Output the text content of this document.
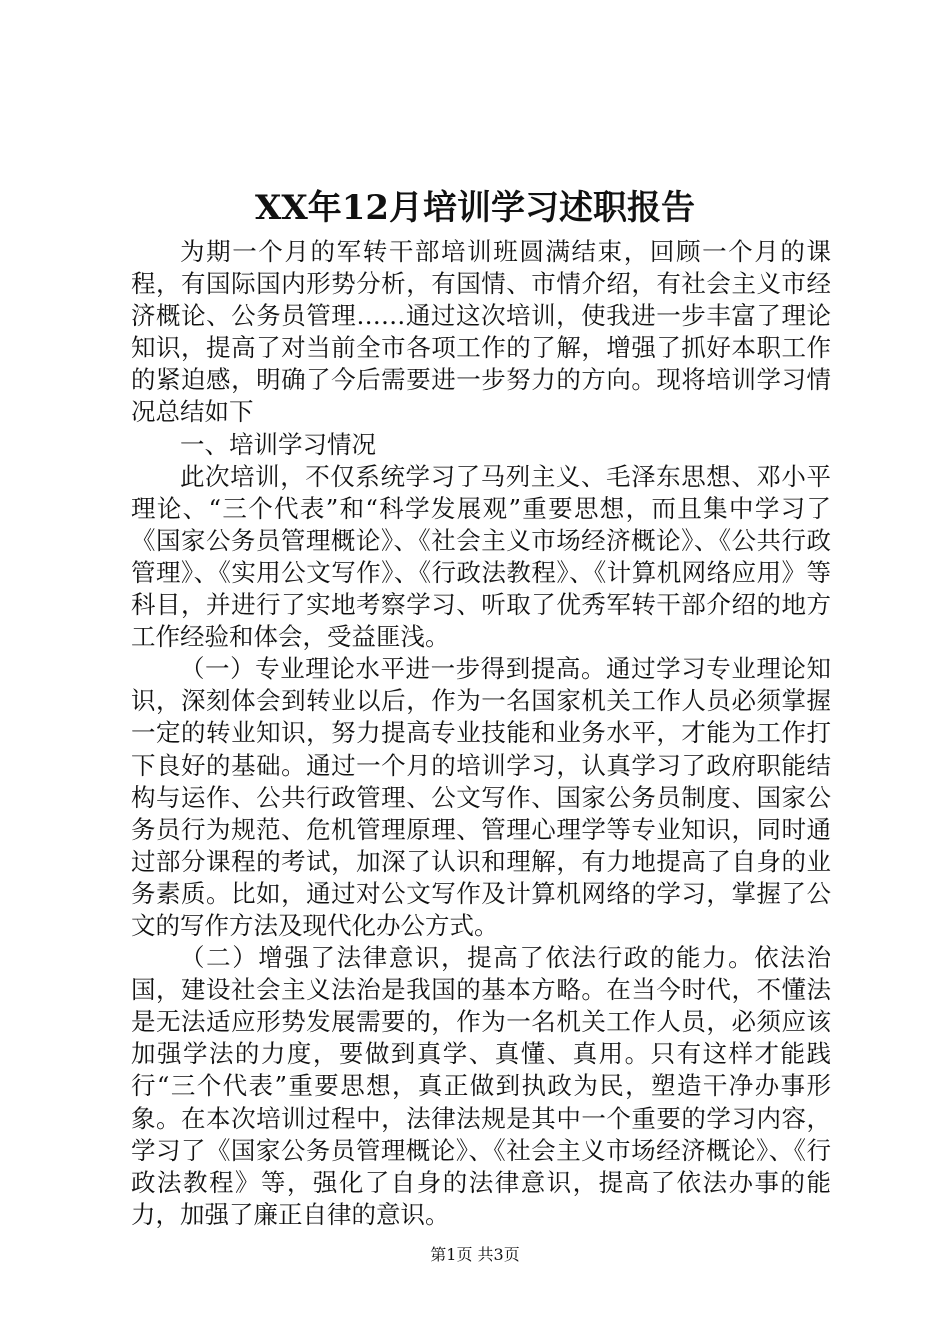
XX年12月培训学习述职报告

为期一个月的军转干部培训班圆满结束，回顾一个月的课程，有国际国内形势分析，有国情、市情介绍，有社会主义市经济概论、公务员管理……通过这次培训，使我进一步丰富了理论知识，提高了对当前全市各项工作的了解，增强了抓好本职工作的紧迫感，明确了今后需要进一步努力的方向。现将培训学习情况总结如下

一、培训学习情况

此次培训，不仅系统学习了马列主义、毛泽东思想、邓小平理论、“三个代表”和“科学发展观”重要思想，而且集中学习了《国家公务员管理概论》、《社会主义市场经济概论》、《公共行政管理》、《实用公文写作》、《行政法教程》、《计算机网络应用》等科目，并进行了实地考察学习、听取了优秀军转干部介绍的地方工作经验和体会，受益匪浅。

（一）专业理论水平进一步得到提高。通过学习专业理论知识，深刻体会到转业以后，作为一名国家机关工作人员必须掌握一定的转业知识，努力提高专业技能和业务水平，才能为工作打下良好的基础。通过一个月的培训学习，认真学习了政府职能结构与运作、公共行政管理、公文写作、国家公务员制度、国家公务员行为规范、危机管理原理、管理心理学等专业知识，同时通过部分课程的考试，加深了认识和理解，有力地提高了自身的业务素质。比如，通过对公文写作及计算机网络的学习，掌握了公文的写作方法及现代化办公方式。

（二）增强了法律意识，提高了依法行政的能力。依法治国，建设社会主义法治是我国的基本方略。在当今时代，不懂法是无法适应形势发展需要的，作为一名机关工作人员，必须应该加强学法的力度，要做到真学、真懂、真用。只有这样才能践行“三个代表”重要思想，真正做到执政为民，塑造干净办事形象。在本次培训过程中，法律法规是其中一个重要的学习内容，学习了《国家公务员管理概论》、《社会主义市场经济概论》、《行政法教程》等，强化了自身的法律意识，提高了依法办事的能力，加强了廉正自律的意识。

第1页 共3页
